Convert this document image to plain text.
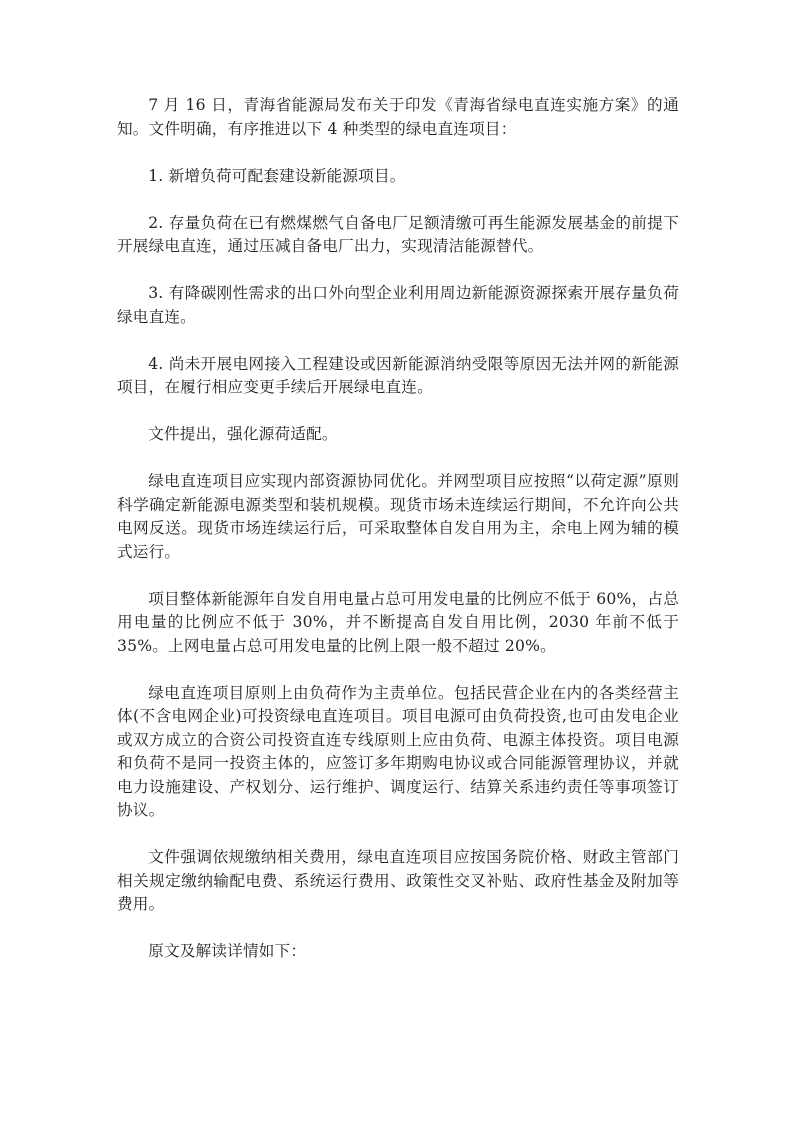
7 月 16 日，青海省能源局发布关于印发《青海省绿电直连实施方案》的通知。文件明确，有序推进以下 4 种类型的绿电直连项目：

1. 新增负荷可配套建设新能源项目。

2. 存量负荷在已有燃煤燃气自备电厂足额清缴可再生能源发展基金的前提下开展绿电直连，通过压减自备电厂出力，实现清洁能源替代。

3. 有降碳刚性需求的出口外向型企业利用周边新能源资源探索开展存量负荷绿电直连。

4. 尚未开展电网接入工程建设或因新能源消纳受限等原因无法并网的新能源项目，在履行相应变更手续后开展绿电直连。

文件提出，强化源荷适配。

绿电直连项目应实现内部资源协同优化。并网型项目应按照“以荷定源”原则科学确定新能源电源类型和装机规模。现货市场未连续运行期间，不允许向公共电网反送。现货市场连续运行后，可采取整体自发自用为主，余电上网为辅的模式运行。

项目整体新能源年自发自用电量占总可用发电量的比例应不低于 60%，占总用电量的比例应不低于 30%，并不断提高自发自用比例，2030 年前不低于 35%。上网电量占总可用发电量的比例上限一般不超过 20%。

绿电直连项目原则上由负荷作为主责单位。包括民营企业在内的各类经营主体(不含电网企业)可投资绿电直连项目。项目电源可由负荷投资,也可由发电企业或双方成立的合资公司投资直连专线原则上应由负荷、电源主体投资。项目电源和负荷不是同一投资主体的，应签订多年期购电协议或合同能源管理协议，并就电力设施建设、产权划分、运行维护、调度运行、结算关系违约责任等事项签订协议。

文件强调依规缴纳相关费用，绿电直连项目应按国务院价格、财政主管部门相关规定缴纳输配电费、系统运行费用、政策性交叉补贴、政府性基金及附加等费用。

原文及解读详情如下：
